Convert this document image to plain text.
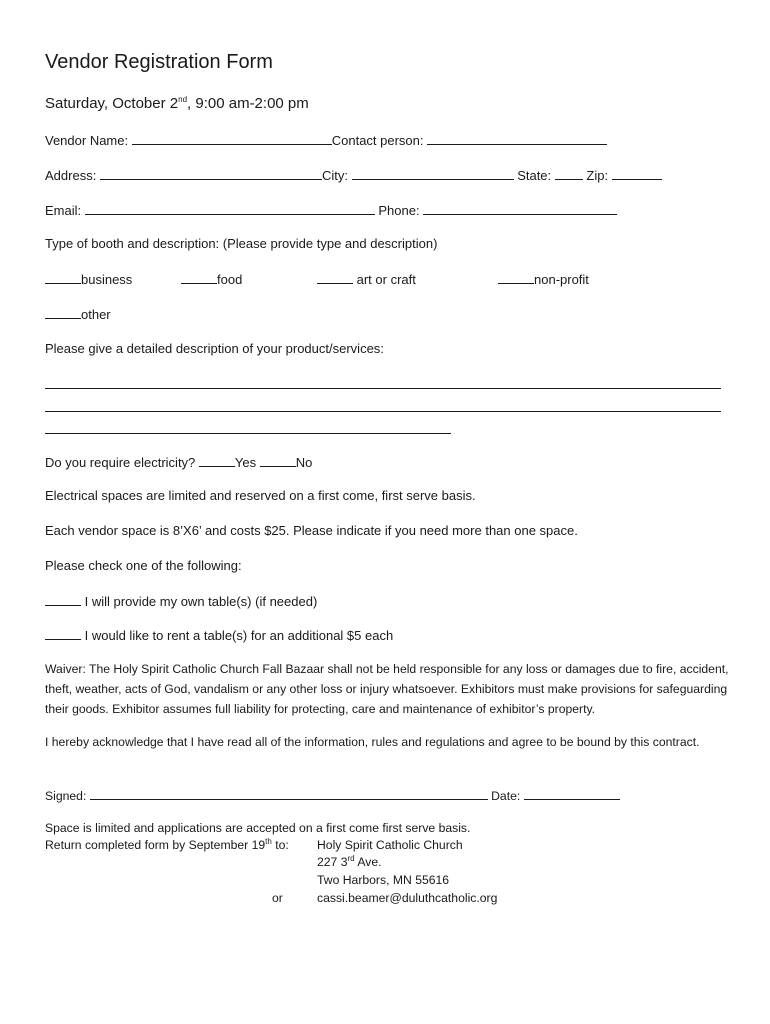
Vendor Registration Form
Saturday, October 2nd, 9:00 am-2:00 pm
Vendor Name:	Contact person:
Address:	City:	State:	Zip:
Email:	Phone:
Type of booth and description: (Please provide type and description)
business	food	art or craft	non-profit
other
Please give a detailed description of your product/services:
Do you require electricity?	Yes	No
Electrical spaces are limited and reserved on a first come, first serve basis.
Each vendor space is 8’X6’ and costs $25. Please indicate if you need more than one space.
Please check one of the following:
I will provide my own table(s) (if needed)
I would like to rent a table(s) for an additional $5 each
Waiver: The Holy Spirit Catholic Church Fall Bazaar shall not be held responsible for any loss or damages due to fire, accident, theft, weather, acts of God, vandalism or any other loss or injury whatsoever. Exhibitors must make provisions for safeguarding their goods. Exhibitor assumes full liability for protecting, care and maintenance of exhibitor’s property.
I hereby acknowledge that I have read all of the information, rules and regulations and agree to be bound by this contract.
Signed:	Date:
Space is limited and applications are accepted on a first come first serve basis.
Return completed form by September 19th to: Holy Spirit Catholic Church
227 3rd Ave.
Two Harbors, MN 55616
or	cassi.beamer@duluthcatholic.org
